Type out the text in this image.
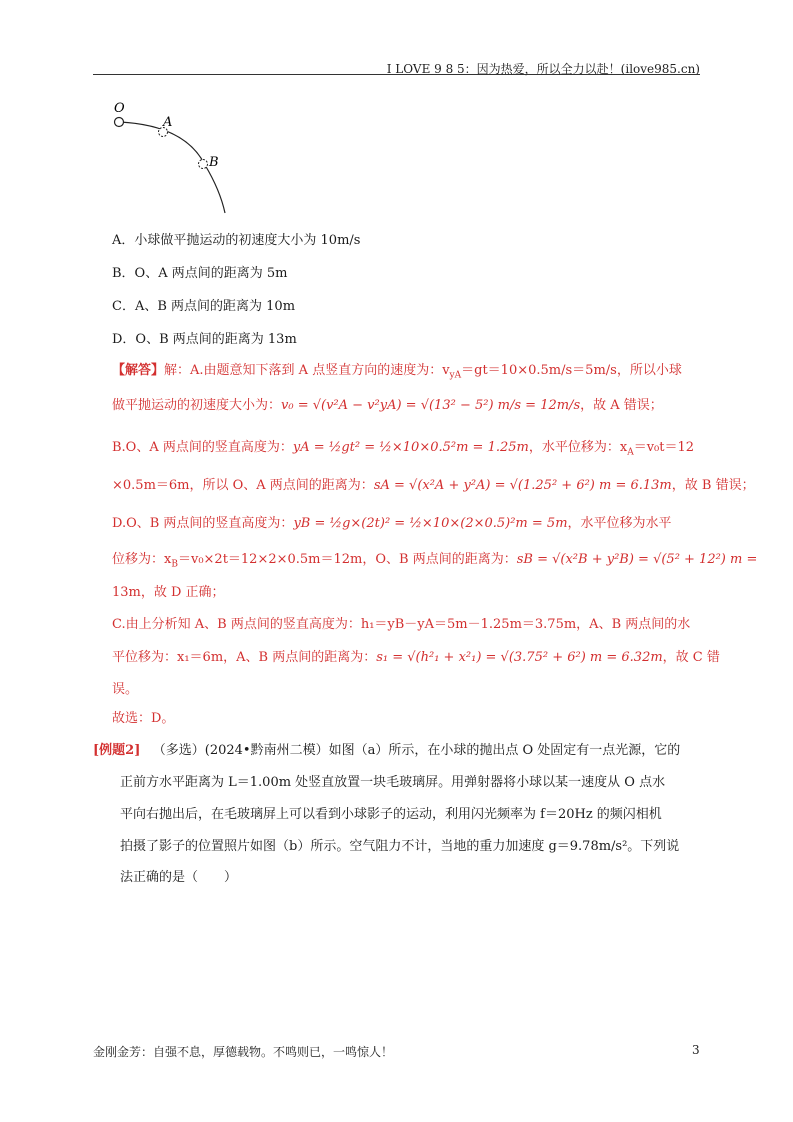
I LOVE 9 8 5：因为热爱，所以全力以赴！(ilove985.cn)
O
A
B
A．小球做平抛运动的初速度大小为 10m/s
B．O、A 两点间的距离为 5m
C．A、B 两点间的距离为 10m
D．O、B 两点间的距离为 13m
【解答】解：A.由题意知下落到 A 点竖直方向的速度为：$v_{yA}=gt=10\times 0.5m/s=5m/s$，所以小球
做平抛运动的初速度大小为：v₀ = √(v²A − v²yA) = √(13² − 5²) m/s = 12m/s，故 A 错误；
B.O、A 两点间的竖直高度为：yA = ½gt² = ½×10×0.5²m = 1.25m，水平位移为：$x_A=v_0t=12$
×0.5m＝6m，所以 O、A 两点间的距离为：sA = √(x²A + y²A) = √(1.25² + 6²) m = 6.13m，故 B 错误；
D.O、B 两点间的竖直高度为：yB = ½g×(2t)² = ½×10×(2×0.5)²m = 5m，水平位移为水平
位移为：$x_B=v_0\times 2t=12\times 2\times 0.5m=12m$，O、B 两点间的距离为：sB = √(x²B + y²B) = √(5² + 12²) m =
13m，故 D 正确；
C.由上分析知 A、B 两点间的竖直高度为：h₁＝yB－yA＝5m－1.25m＝3.75m，A、B 两点间的水
平位移为：x₁＝6m，A、B 两点间的距离为：s₁ = √(h²₁ + x²₁) = √(3.75² + 6²) m = 6.32m，故 C 错
误。
故选：D。
[例题2] （多选）(2024•黔南州二模）如图（a）所示，在小球的抛出点 O 处固定有一点光源，它的
正前方水平距离为 L＝1.00m 处竖直放置一块毛玻璃屏。用弹射器将小球以某一速度从 O 点水
平向右抛出后，在毛玻璃屏上可以看到小球影子的运动，利用闪光频率为 f＝20Hz 的频闪相机
拍摄了影子的位置照片如图（b）所示。空气阻力不计，当地的重力加速度 g＝9.78m/s²。下列说
法正确的是（　　）
金刚金芳：自强不息，厚德载物。不鸣则已，一鸣惊人！	3
